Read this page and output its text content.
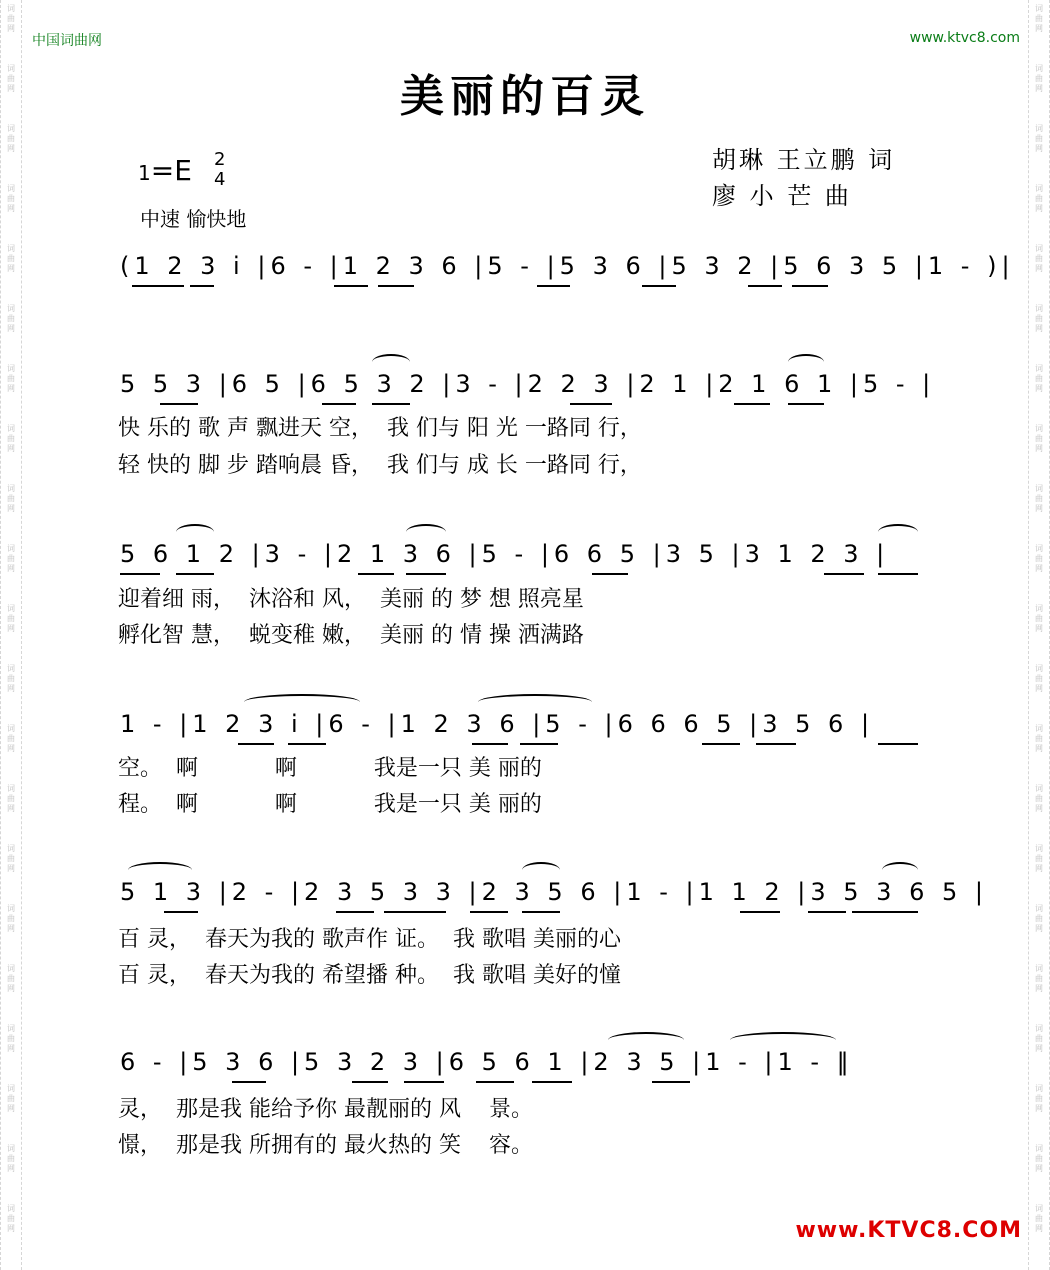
词
曲
网
词
曲
网
词
曲
网
词
曲
网
词
曲
网
词
曲
网
词
曲
网
词
曲
网
词
曲
网
词
曲
网
词
曲
网
词
曲
网
词
曲
网
词
曲
网
词
曲
网
词
曲
网
词
曲
网
词
曲
网
词
曲
网
词
曲
网
词
曲
网
词
曲
网
词
曲
网
词
曲
网
词
曲
网
词
曲
网
词
曲
网
词
曲
网
词
曲
网
词
曲
网
词
曲
网
词
曲
网
词
曲
网
词
曲
网
词
曲
网
词
曲
网
词
曲
网
词
曲
网
词
曲
网
词
曲
网
词
曲
网
词
曲
网
中国词曲网	www.ktvc8.com
美丽的百灵
胡琳 王立鹏 词
廖 小 芒 曲
1=E 2
4
中速 愉快地
(1 2 3 i |6 - |1 2 3 6 |5 - |5 3 6 |5 3 2 |5 6 3 5 |1 - )|
5 5 3 |6 5 |6 5 3 2 |3 - |2 2 3 |2 1 |2 1 6 1 |5 - |
5 6 1 2 |3 - |2 1 3 6 |5 - |6 6 5 |3 5 |3 1 2 3 |
1 - |1 2 3 i |6 - |1 2 3 6 |5 - |6 6 6 5 |3 5 6 |
5 1 3 |2 - |2 3 5 3 3 |2 3 5 6 |1 - |1 1 2 |3 5 3 6 5 |
6 - |5 3 6 |5 3 2 3 |6 5 6 1 |2 3 5 |1 - |1 - ‖
快 乐的 歌 声 飘进天 空，  我 们与 阳 光 一路同 行，
轻 快的 脚 步 踏响晨 昏，  我 们与 成 长 一路同 行，
迎着细 雨，  沐浴和 风，  美丽 的 梦 想 照亮星
孵化智 慧，  蜕变稚 嫩，  美丽 的 情 操 洒满路
空。  啊           啊           我是一只 美 丽的
程。  啊           啊           我是一只 美 丽的
百 灵，  春天为我的 歌声作 证。  我 歌唱 美丽的心
百 灵，  春天为我的 希望播 种。  我 歌唱 美好的憧
灵，  那是我 能给予你 最靓丽的 风    景。
憬，  那是我 所拥有的 最火热的 笑    容。
www.KTVC8.COM
